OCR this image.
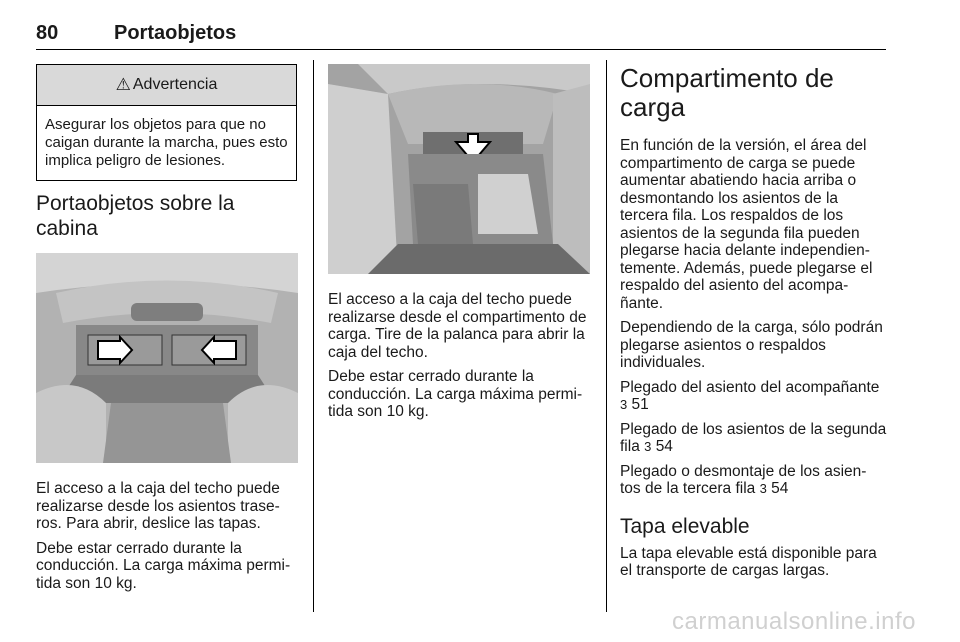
80	Portaobjetos
⚠ Advertencia
Asegurar los objetos para que no caigan durante la marcha, pues esto implica peligro de lesiones.
Portaobjetos sobre la cabina

El acceso a la caja del techo puede realizarse desde los asientos trase‑ ros. Para abrir, deslice las tapas.

Debe estar cerrado durante la conducción. La carga máxima permi‑ tida son 10 kg.

El acceso a la caja del techo puede realizarse desde el compartimento de carga. Tire de la palanca para abrir la caja del techo.

Debe estar cerrado durante la conducción. La carga máxima permi‑ tida son 10 kg.

Compartimento de carga

En función de la versión, el área del compartimento de carga se puede aumentar abatiendo hacia arriba o desmontando los asientos de la tercera fila. Los respaldos de los asientos de la segunda fila pueden plegarse hacia delante independien‑ temente. Además, puede plegarse el respaldo del asiento del acompa‑ ñante.

Dependiendo de la carga, sólo podrán plegarse asientos o respaldos individuales.

Plegado del asiento del acompañante 3 51

Plegado de los asientos de la segunda fila 3 54

Plegado o desmontaje de los asien‑ tos de la tercera fila 3 54

Tapa elevable

La tapa elevable está disponible para el transporte de cargas largas.

carmanualsonline.info
